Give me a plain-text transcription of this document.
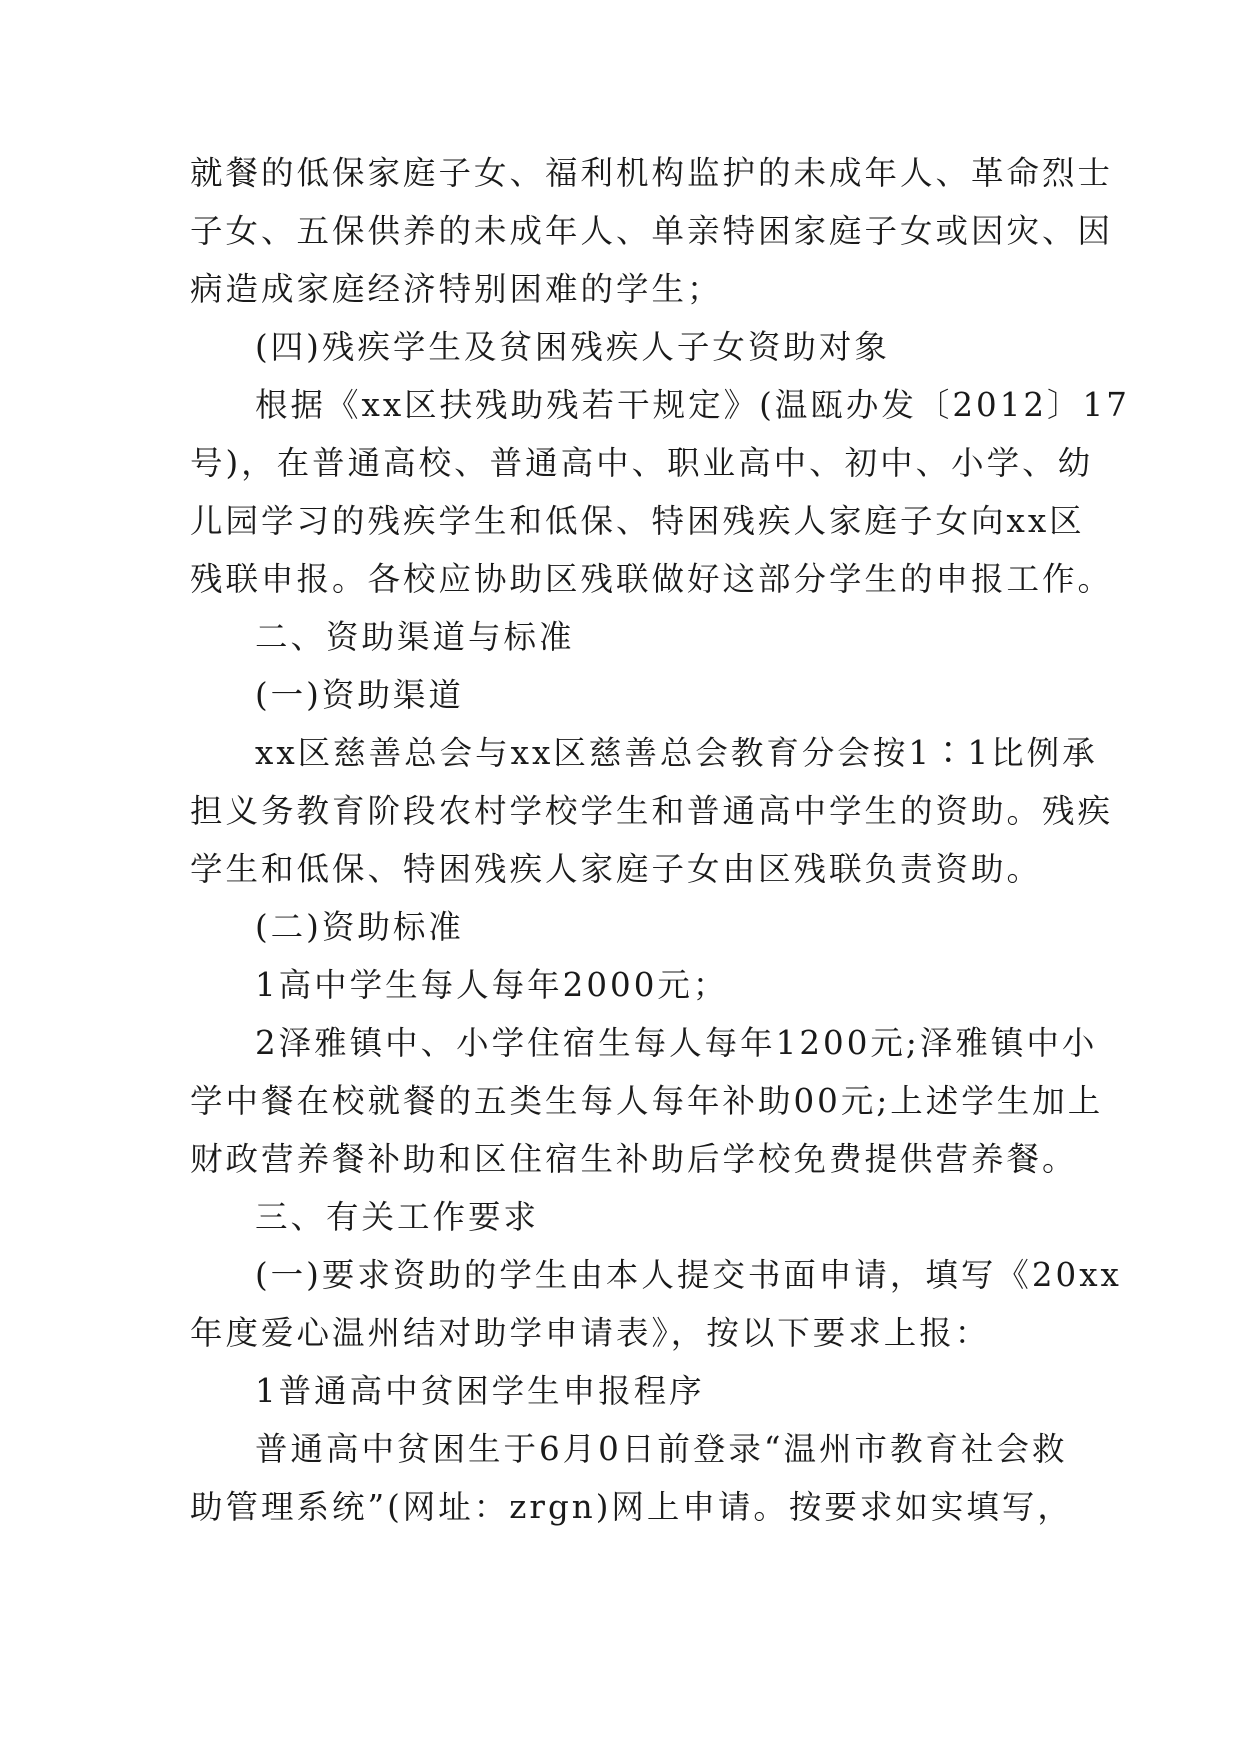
就餐的低保家庭子女、福利机构监护的未成年人、革命烈士
子女、五保供养的未成年人、单亲特困家庭子女或因灾、因
病造成家庭经济特别困难的学生；
(四)残疾学生及贫困残疾人子女资助对象
根据《xx区扶残助残若干规定》(温瓯办发〔2012〕17
号)，在普通高校、普通高中、职业高中、初中、小学、幼
儿园学习的残疾学生和低保、特困残疾人家庭子女向xx区
残联申报。各校应协助区残联做好这部分学生的申报工作。
二、资助渠道与标准
(一)资助渠道
xx区慈善总会与xx区慈善总会教育分会按1∶1比例承
担义务教育阶段农村学校学生和普通高中学生的资助。残疾
学生和低保、特困残疾人家庭子女由区残联负责资助。
(二)资助标准
1高中学生每人每年2000元；
2泽雅镇中、小学住宿生每人每年1200元;泽雅镇中小
学中餐在校就餐的五类生每人每年补助00元;上述学生加上
财政营养餐补助和区住宿生补助后学校免费提供营养餐。
三、有关工作要求
(一)要求资助的学生由本人提交书面申请，填写《20xx
年度爱心温州结对助学申请表》，按以下要求上报：
1普通高中贫困学生申报程序
普通高中贫困生于6月0日前登录“温州市教育社会救
助管理系统”(网址：zrgn)网上申请。按要求如实填写，
